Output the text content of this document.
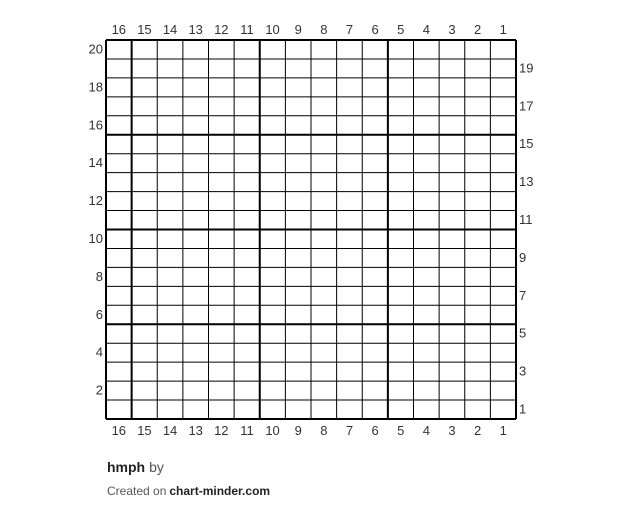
16 15 14 13 12 11 10 9 8 7 6 5 4 3 2 1
16 15 14 13 12 11 10 9 8 7 6 5 4 3 2 1
20
18
16
14
12
10
8
6
4
2
19
17
15
13
11
9
7
5
3
1
hmph by
Created on chart-minder.com
